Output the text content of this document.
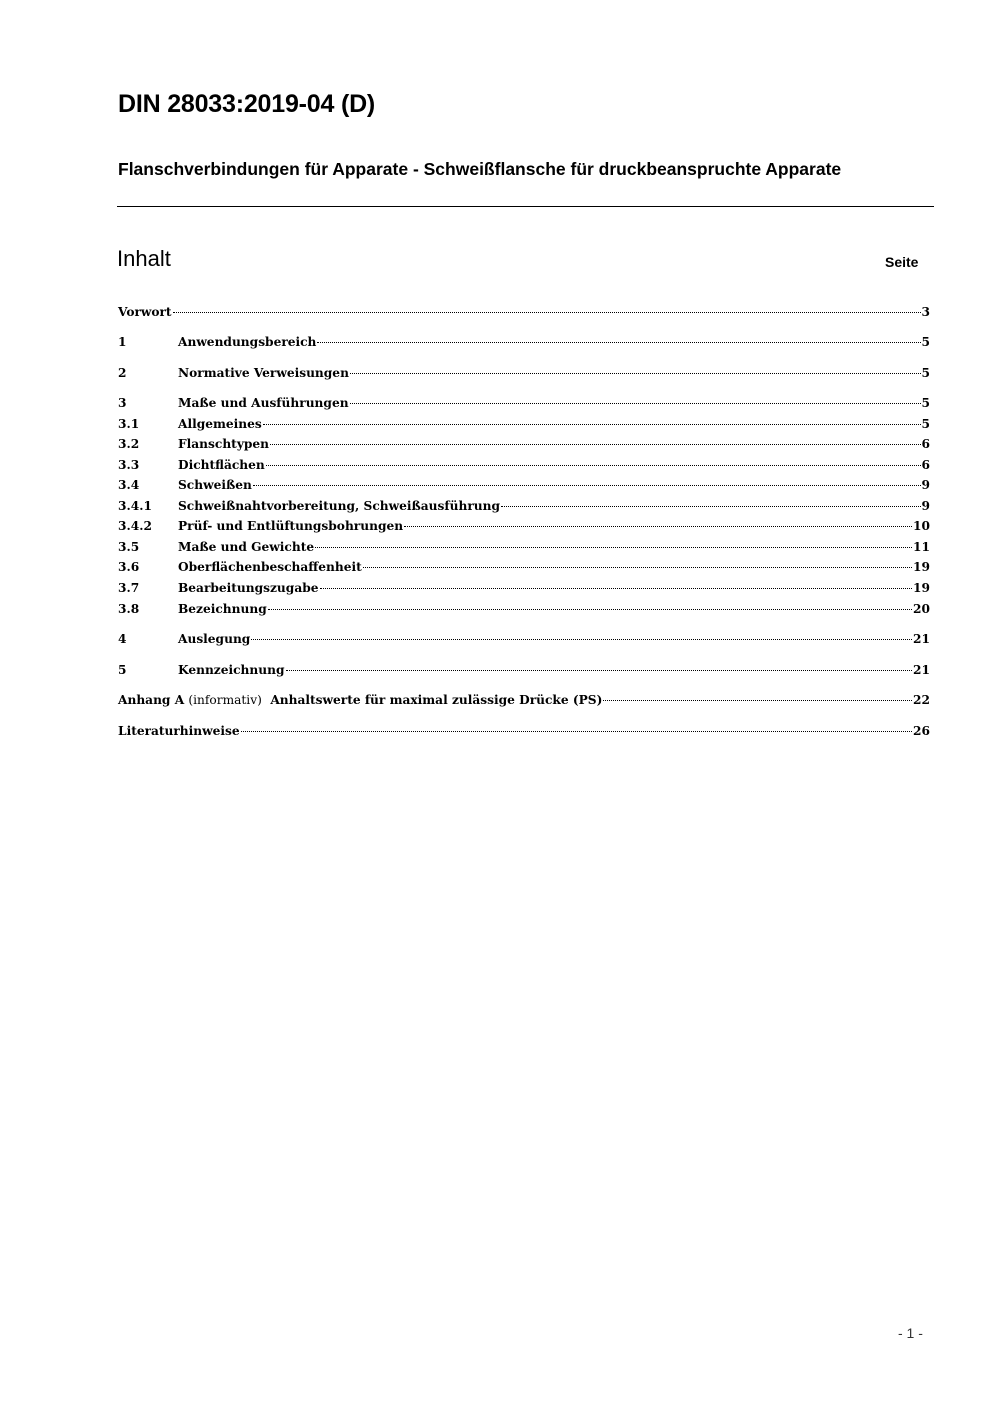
DIN 28033:2019-04 (D)
Flanschverbindungen für Apparate - Schweißflansche für druckbeanspruchte Apparate
Inhalt	Seite
Vorwort	3
1	Anwendungsbereich	5
2	Normative Verweisungen	5
3	Maße und Ausführungen	5
3.1	Allgemeines	5
3.2	Flanschtypen	6
3.3	Dichtflächen	6
3.4	Schweißen	9
3.4.1	Schweißnahtvorbereitung, Schweißausführung	9
3.4.2	Prüf- und Entlüftungsbohrungen	10
3.5	Maße und Gewichte	11
3.6	Oberflächenbeschaffenheit	19
3.7	Bearbeitungszugabe	19
3.8	Bezeichnung	20
4	Auslegung	21
5	Kennzeichnung	21
Anhang A (informativ)  Anhaltswerte für maximal zulässige Drücke (PS)	22
Literaturhinweise	26
- 1 -
